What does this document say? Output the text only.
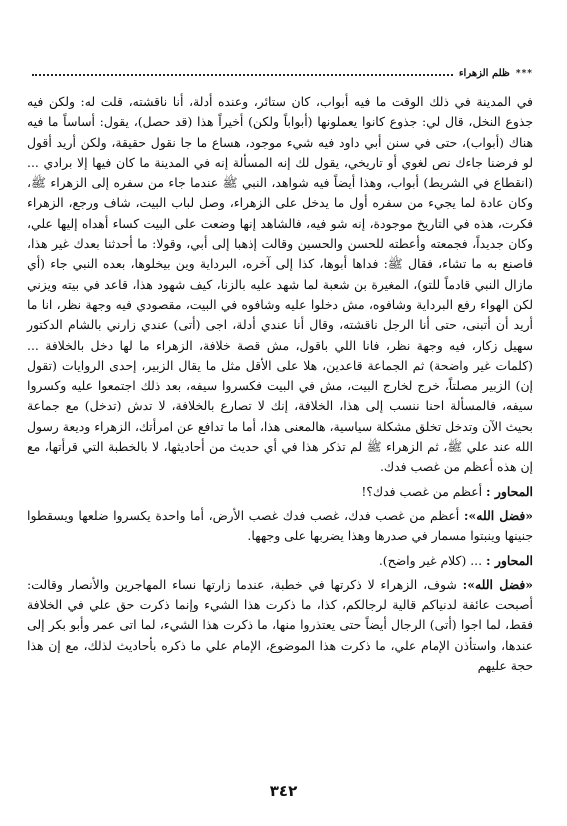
***
ظلم الزهراء

في المدينة في ذلك الوقت ما فيه أبواب، كان ستائر، وعنده أدلة، أنا ناقشته، قلت له: ولكن فيه جذوع النخل، قال لي: جذوع كانوا يعملونها (أبواباً ولكن) أخيراً هذا (قد حصل)، يقول: أساساً ما فيه هناك (أبواب)، حتى في سنن أبي داود فيه شيء موجود، هساع ما جا نقول حقيقة، ولكن أريد أقول لو فرضنا جاءك نص لغوي أو تاريخي، يقول لك إنه المسألة إنه في المدينة ما كان فيها إلا برادي ... (انقطاع في الشريط) أبواب، وهذا أيضاً فيه شواهد، النبي ﷺ عندما جاء من سفره إلى الزهراء ﷺ، وكان عادة لما يجيء من سفره أول ما يدخل على الزهراء، وصل لباب البيت، شاف ورجع، الزهراء فكرت، هذه في التاريخ موجودة، إنه شو فيه، فالشاهد إنها وضعت على البيت كساء أهداه إليها علي، وكان جديداً، فجمعته وأعطته للحسن والحسين وقالت إذهبا إلى أبي، وقولا: ما أحدثنا بعدك غير هذا، فاصنع به ما تشاء، فقال ﷺ: فداها أبوها، كذا إلى آخره، البرداية وين بيخلوها، بعده النبي جاء (أي مازال النبي قادماً للتو)، المغيرة بن شعبة لما شهد عليه بالزنا، كيف شهود هذا، قاعد في بيته ويزني لكن الهواء رفع البرداية وشافوه، مش دخلوا عليه وشافوه في البيت، مقصودي فيه وجهة نظر، انا ما أريد أن أتبنى، حتى أنا الرجل ناقشته، وقال أنا عندي أدلة، اجى (أتى) عندي زارني بالشام الدكتور سهيل زكار، فيه وجهة نظر، فانا اللي باقول، مش قصة خلافة، الزهراء ما لها دخل بالخلافة ... (كلمات غير واضحة) ثم الجماعة قاعدين، هلا على الأقل مثل ما يقال الزبير، إحدى الروايات (تقول إن) الزبير مصلتاً، خرج لخارج البيت، مش في البيت فكسروا سيفه، بعد ذلك اجتمعوا عليه وكسروا سيفه، فالمسألة احنا ننسب إلى هذا، الخلافة، إنك لا تصارع بالخلافة، لا تدش (تدخل) مع جماعة بحيث الآن وتدخل تخلق مشكلة سياسية، هالمعنى هذا، أما ما تدافع عن امرأتك، الزهراء وديعة رسول الله عند علي ﷺ، ثم الزهراء ﷺ لم تذكر هذا في أي حديث من أحاديثها، لا بالخطبة التي قرأتها، مع إن هذه أعظم من غصب فدك.

المحاور : أعظم من غصب فدك؟!

«فضل الله»: أعظم من غصب فدك، غصب فدك غصب الأرض، أما واحدة يكسروا ضلعها ويسقطوا جنينها وينبتوا مسمار في صدرها وهذا يضربها على وجهها.

المحاور : ... (كلام غير واضح).

«فضل الله»: شوف، الزهراء لا ذكرتها في خطبة، عندما زارتها نساء المهاجرين والأنصار وقالت: أصبحت عائفة لدنياكم قالية لرجالكم، كذا، ما ذكرت هذا الشيء وإنما ذكرت حق علي في الخلافة فقط، لما اجوا (أتى) الرجال أيضاً حتى يعتذروا منها، ما ذكرت هذا الشيء، لما اتى عمر وأبو بكر إلى عندها، واستأذن الإمام علي، ما ذكرت هذا الموضوع، الإمام علي ما ذكره بأحاديث لذلك، مع إن هذا حجة عليهم

٣٤٢
